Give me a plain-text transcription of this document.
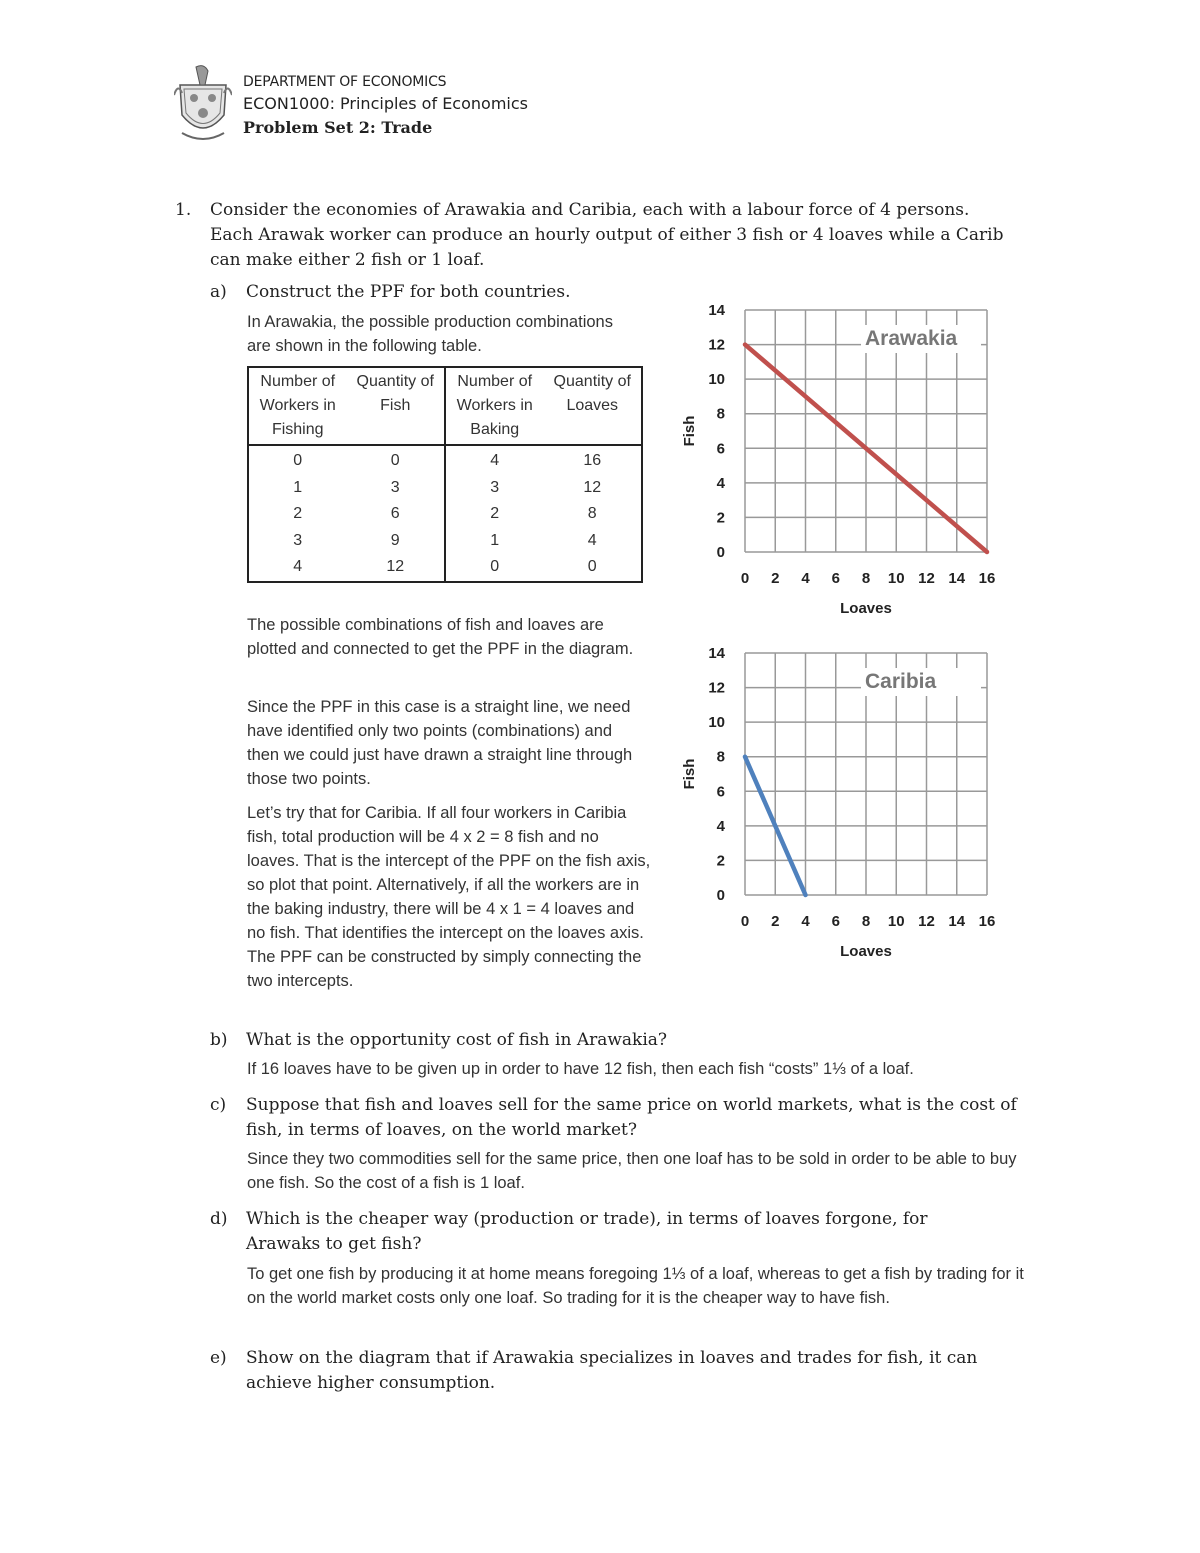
DEPARTMENT OF ECONOMICS
ECON1000: Principles of Economics
Problem Set 2: Trade
1. Consider the economies of Arawakia and Caribia, each with a labour force of 4 persons. Each Arawak worker can produce an hourly output of either 3 fish or 4 loaves while a Carib can make either 2 fish or 1 loaf.
a)	Construct the PPF for both countries.
In Arawakia, the possible production combinations are shown in the following table.
Number of Workers in Fishing	Quantity of Fish	Number of Workers in Baking	Quantity of Loaves
0	0	4	16
1	3	3	12
2	6	2	8
3	9	1	4
4	12	0	0
The possible combinations of fish and loaves are plotted and connected to get the PPF in the diagram.
Since the PPF in this case is a straight line, we need have identified only two points (combinations) and then we could just have drawn a straight line through those two points.
Let’s try that for Caribia. If all four workers in Caribia fish, total production will be 4 x 2 = 8 fish and no loaves. That is the intercept of the PPF on the fish axis, so plot that point. Alternatively, if all the workers are in the baking industry, there will be 4 x 1 = 4 loaves and no fish. That identifies the intercept on the loaves axis. The PPF can be constructed by simply connecting the two intercepts.
0
2
4
6
8
10
12
14
0 2 4 6 8 10 12 14 16
Loaves
Fish
Arawakia
0
2
4
6
8
10
12
14
0 2 4 6 8 10 12 14 16
Loaves
Fish
Caribia
b)	What is the opportunity cost of fish in Arawakia?
If 16 loaves have to be given up in order to have 12 fish, then each fish “costs” 1⅓ of a loaf.
c)	Suppose that fish and loaves sell for the same price on world markets, what is the cost of fish, in terms of loaves, on the world market?
Since they two commodities sell for the same price, then one loaf has to be sold in order to be able to buy one fish. So the cost of a fish is 1 loaf.
d)	Which is the cheaper way (production or trade), in terms of loaves forgone, for Arawaks to get fish?
To get one fish by producing it at home means foregoing 1⅓ of a loaf, whereas to get a fish by trading for it on the world market costs only one loaf. So trading for it is the cheaper way to have fish.
e)	Show on the diagram that if Arawakia specializes in loaves and trades for fish, it can achieve higher consumption.
